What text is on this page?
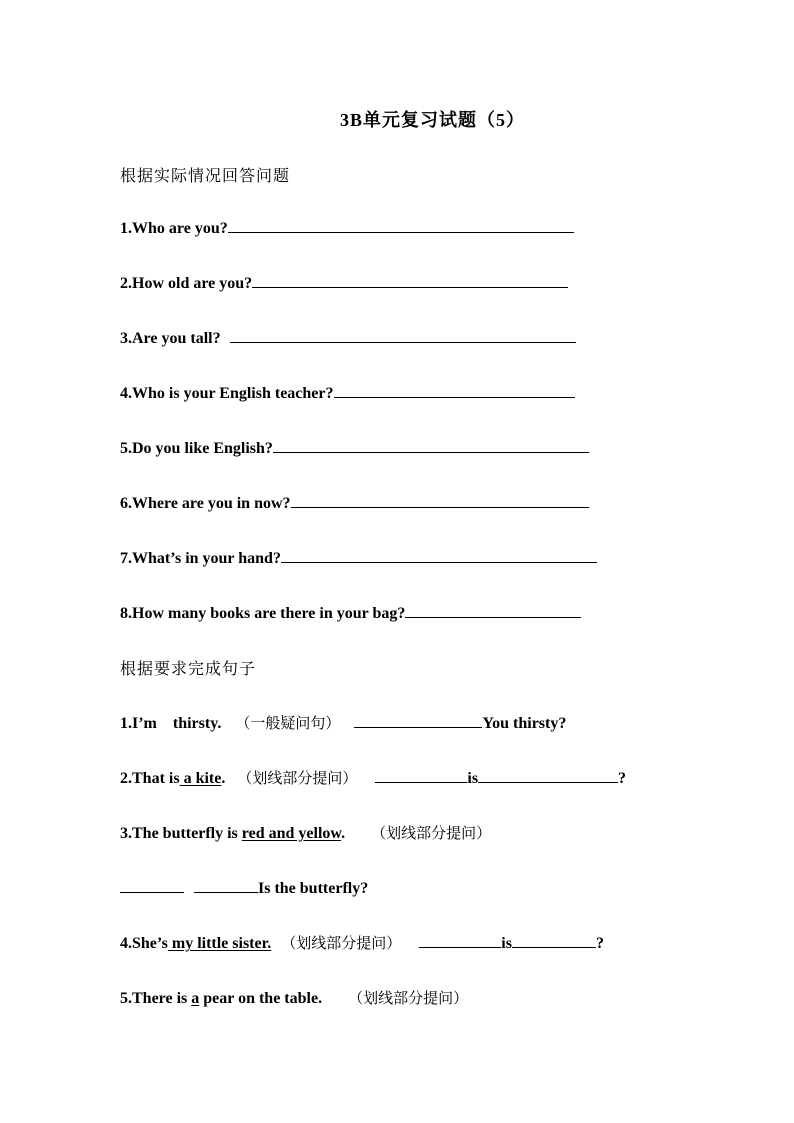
3B单元复习试题（5）
根据实际情况回答问题
1.Who are you?
2.How old are you?
3.Are you tall?
4.Who is your English teacher?
5.Do you like English?
6.Where are you in now?
7.What’s in your hand?
8.How many books are there in your bag?
根据要求完成句子
1.I’m    thirsty. （一般疑问句）	You thirsty?
2.That is a kite. （划线部分提问）	is	?
3.The butterfly is red and yellow. （划线部分提问）
Is the butterfly?
4.She’s my little sister. （划线部分提问）	is	?
5.There is a pear on the table. （划线部分提问）
